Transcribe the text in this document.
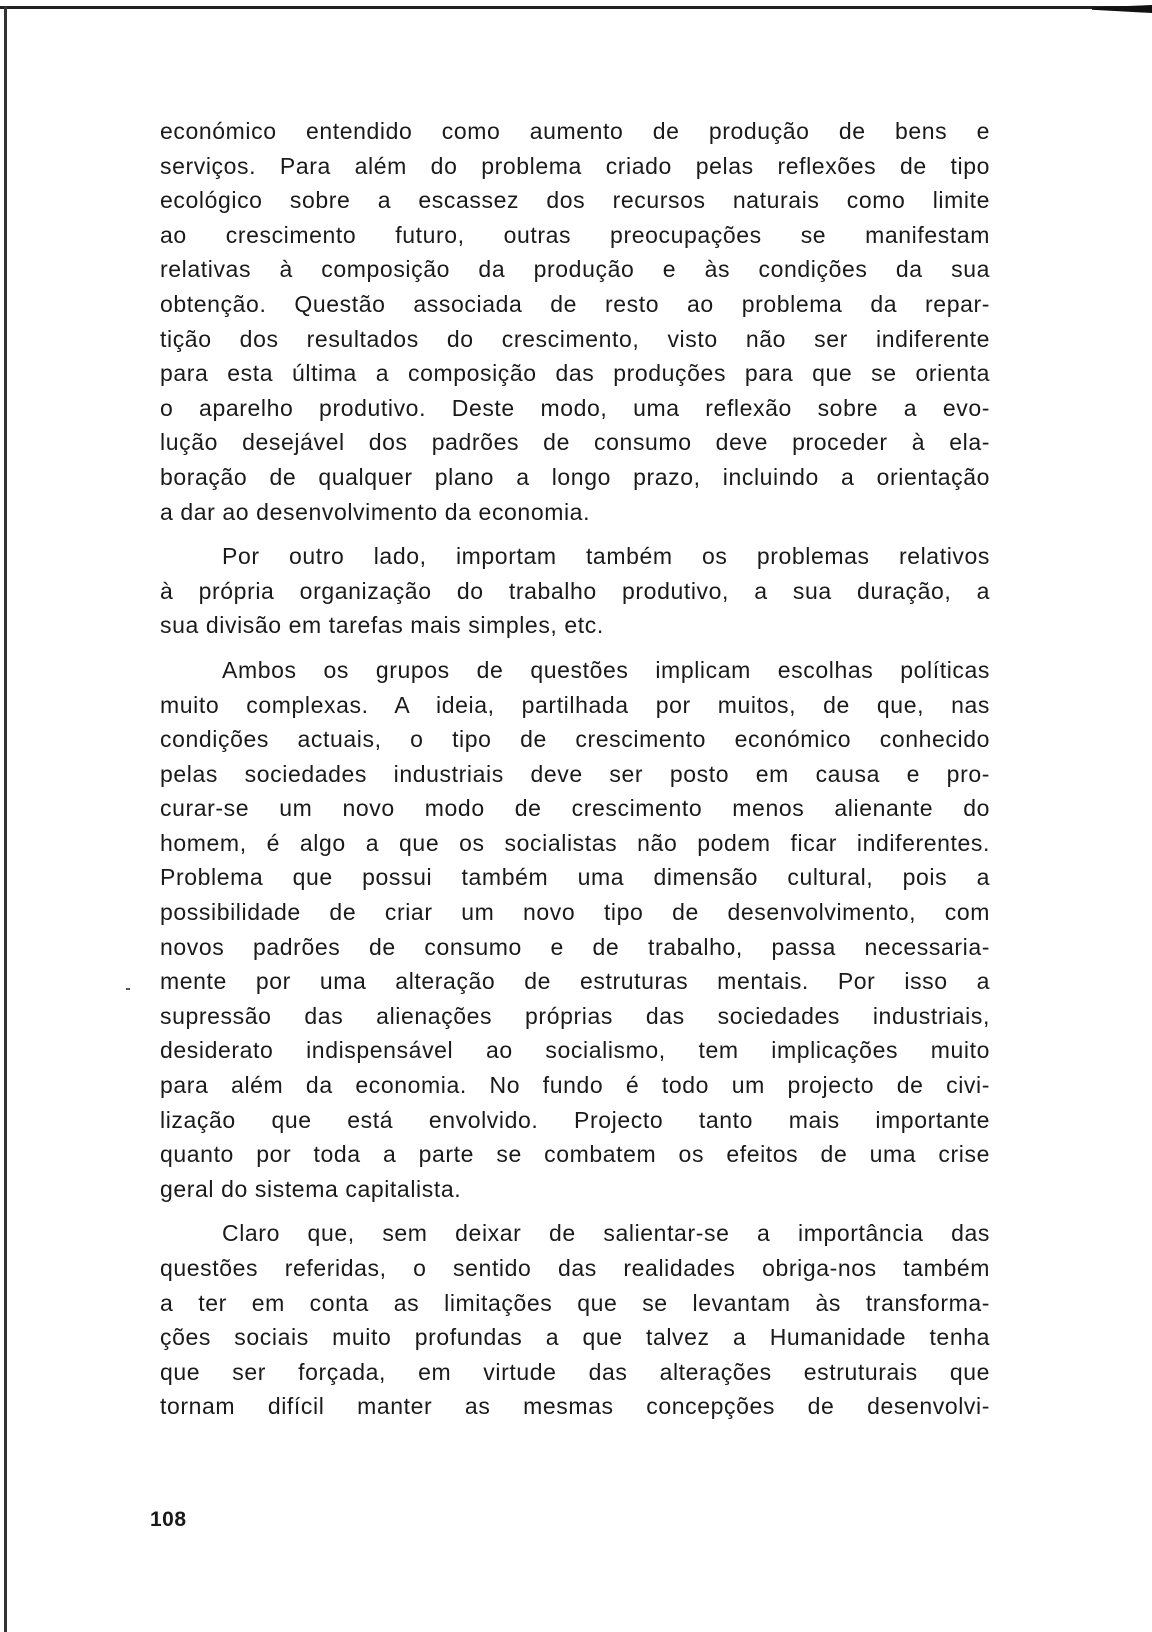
económico entendido como aumento de produção de bens e
serviços. Para além do problema criado pelas reflexões de tipo
ecológico sobre a escassez dos recursos naturais como limite
ao crescimento futuro, outras preocupações se manifestam
relativas à composição da produção e às condições da sua
obtenção. Questão associada de resto ao problema da repar-
tição dos resultados do crescimento, visto não ser indiferente
para esta última a composição das produções para que se orienta
o aparelho produtivo. Deste modo, uma reflexão sobre a evo-
lução desejável dos padrões de consumo deve proceder à ela-
boração de qualquer plano a longo prazo, incluindo a orientação
a dar ao desenvolvimento da economia.
Por outro lado, importam também os problemas relativos
à própria organização do trabalho produtivo, a sua duração, a
sua divisão em tarefas mais simples, etc.
Ambos os grupos de questões implicam escolhas políticas
muito complexas. A ideia, partilhada por muitos, de que, nas
condições actuais, o tipo de crescimento económico conhecido
pelas sociedades industriais deve ser posto em causa e pro-
curar-se um novo modo de crescimento menos alienante do
homem, é algo a que os socialistas não podem ficar indiferentes.
Problema que possui também uma dimensão cultural, pois a
possibilidade de criar um novo tipo de desenvolvimento, com
novos padrões de consumo e de trabalho, passa necessaria-
mente por uma alteração de estruturas mentais. Por isso a
supressão das alienações próprias das sociedades industriais,
desiderato indispensável ao socialismo, tem implicações muito
para além da economia. No fundo é todo um projecto de civi-
lização que está envolvido. Projecto tanto mais importante
quanto por toda a parte se combatem os efeitos de uma crise
geral do sistema capitalista.
Claro que, sem deixar de salientar-se a importância das
questões referidas, o sentido das realidades obriga-nos também
a ter em conta as limitações que se levantam às transforma-
ções sociais muito profundas a que talvez a Humanidade tenha
que ser forçada, em virtude das alterações estruturais que
tornam difícil manter as mesmas concepções de desenvolvi-
108
